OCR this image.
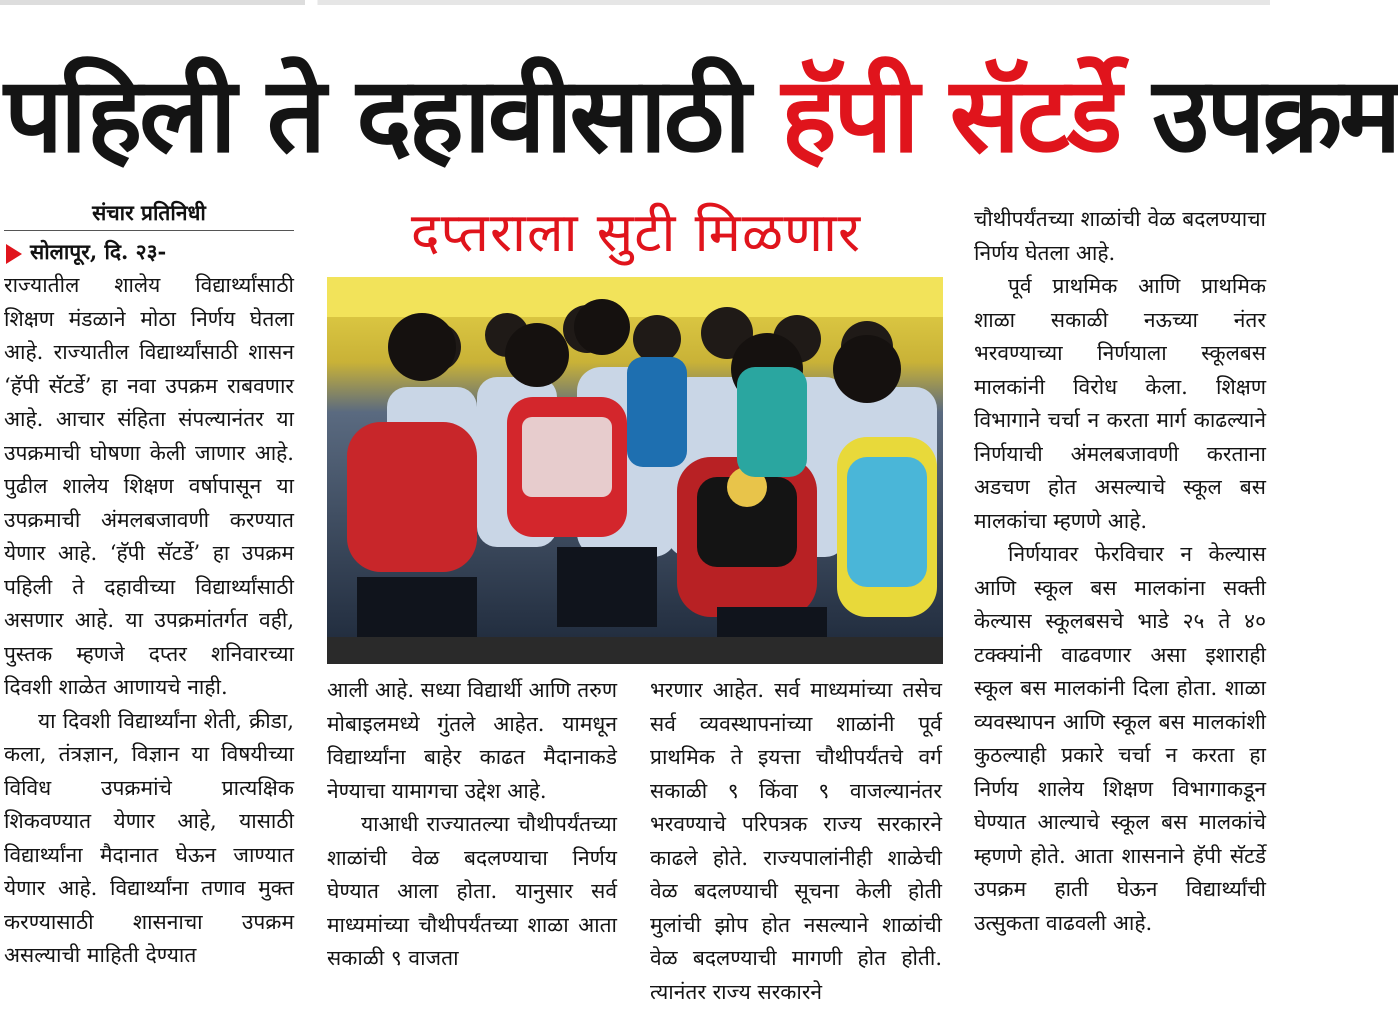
पहिली ते दहावीसाठी हॅपी सॅटर्डे उपक्रम
संचार प्रतिनिधी
सोलापूर, दि. २३-

राज्यातील शालेय विद्यार्थ्यांसाठी शिक्षण मंडळाने मोठा निर्णय घेतला आहे. राज्यातील विद्यार्थ्यांसाठी शासन ‘हॅपी सॅटर्डे’ हा नवा उपक्रम राबवणार आहे. आचार संहिता संपल्यानंतर या उपक्रमाची घोषणा केली जाणार आहे. पुढील शालेय शिक्षण वर्षापासून या उपक्रमाची अंमलबजावणी करण्यात येणार आहे. ‘हॅपी सॅटर्डे’ हा उपक्रम पहिली ते दहावीच्या विद्यार्थ्यांसाठी असणार आहे. या उपक्रमांतर्गत वही, पुस्तक म्हणजे दप्तर शनिवारच्या दिवशी शाळेत आणायचे नाही.

या दिवशी विद्यार्थ्यांना शेती, क्रीडा, कला, तंत्रज्ञान, विज्ञान या विषयीच्या विविध उपक्रमांचे प्रात्यक्षिक शिकवण्यात येणार आहे, यासाठी विद्यार्थ्यांना मैदानात घेऊन जाण्यात येणार आहे. विद्यार्थ्यांना तणाव मुक्त करण्यासाठी शासनाचा उपक्रम असल्याची माहिती देण्यात

दप्तराला सुटी मिळणार

आली आहे. सध्या विद्यार्थी आणि तरुण मोबाइलमध्ये गुंतले आहेत. यामधून विद्यार्थ्यांना बाहेर काढत मैदानाकडे नेण्याचा यामागचा उद्देश आहे.

याआधी राज्यातल्या चौथीपर्यंतच्या शाळांची वेळ बदलण्याचा निर्णय घेण्यात आला होता. यानुसार सर्व माध्यमांच्या चौथीपर्यंतच्या शाळा आता सकाळी ९ वाजता

भरणार आहेत. सर्व माध्यमांच्या तसेच सर्व व्यवस्थापनांच्या शाळांनी पूर्व प्राथमिक ते इयत्ता चौथीपर्यंतचे वर्ग सकाळी ९ किंवा ९ वाजल्यानंतर भरवण्याचे परिपत्रक राज्य सरकारने काढले होते. राज्यपालांनीही शाळेची वेळ बदलण्याची सूचना केली होती मुलांची झोप होत नसल्याने शाळांची वेळ बदलण्याची मागणी होत होती. त्यानंतर राज्य सरकारने

चौथीपर्यंतच्या शाळांची वेळ बदलण्याचा निर्णय घेतला आहे.

पूर्व प्राथमिक आणि प्राथमिक शाळा सकाळी नऊच्या नंतर भरवण्याच्या निर्णयाला स्कूलबस मालकांनी विरोध केला. शिक्षण विभागाने चर्चा न करता मार्ग काढल्याने निर्णयाची अंमलबजावणी करताना अडचण होत असल्याचे स्कूल बस मालकांचा म्हणणे आहे.

निर्णयावर फेरविचार न केल्यास आणि स्कूल बस मालकांना सक्ती केल्यास स्कूलबसचे भाडे २५ ते ४० टक्क्यांनी वाढवणार असा इशाराही स्कूल बस मालकांनी दिला होता. शाळा व्यवस्थापन आणि स्कूल बस मालकांशी कुठल्याही प्रकारे चर्चा न करता हा निर्णय शालेय शिक्षण विभागाकडून घेण्यात आल्याचे स्कूल बस मालकांचे म्हणणे होते. आता शासनाने हॅपी सॅटर्डे उपक्रम हाती घेऊन विद्यार्थ्यांची उत्सुकता वाढवली आहे.
